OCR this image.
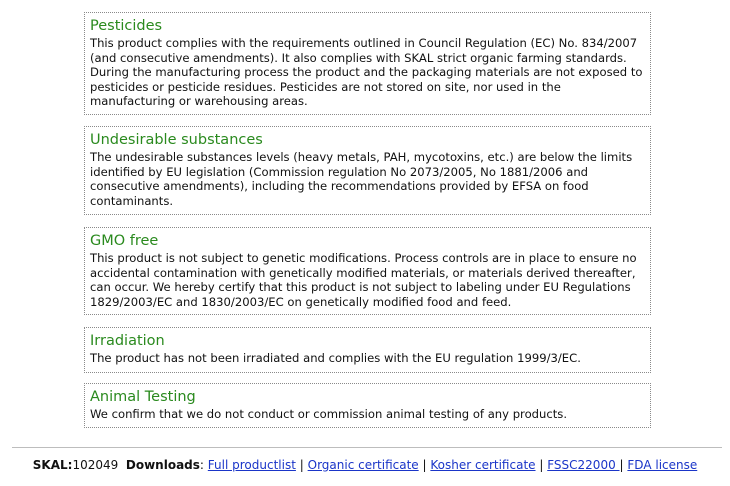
Pesticides

This product complies with the requirements outlined in Council Regulation (EC) No. 834/2007 (and consecutive amendments). It also complies with SKAL strict organic farming standards. During the manufacturing process the product and the packaging materials are not exposed to pesticides or pesticide residues. Pesticides are not stored on site, nor used in the manufacturing or warehousing areas.

Undesirable substances

The undesirable substances levels (heavy metals, PAH, mycotoxins, etc.) are below the limits identified by EU legislation (Commission regulation No 2073/2005, No 1881/2006 and consecutive amendments), including the recommendations provided by EFSA on food contaminants.

GMO free

This product is not subject to genetic modifications. Process controls are in place to ensure no accidental contamination with genetically modified materials, or materials derived thereafter, can occur. We hereby certify that this product is not subject to labeling under EU Regulations 1829/2003/EC and 1830/2003/EC on genetically modified food and feed.

Irradiation

The product has not been irradiated and complies with the EU regulation 1999/3/EC.

Animal Testing

We confirm that we do not conduct or commission animal testing of any products.

SKAL:102049 Downloads: Full productlist | Organic certificate | Kosher certificate | FSSC22000 | FDA license
